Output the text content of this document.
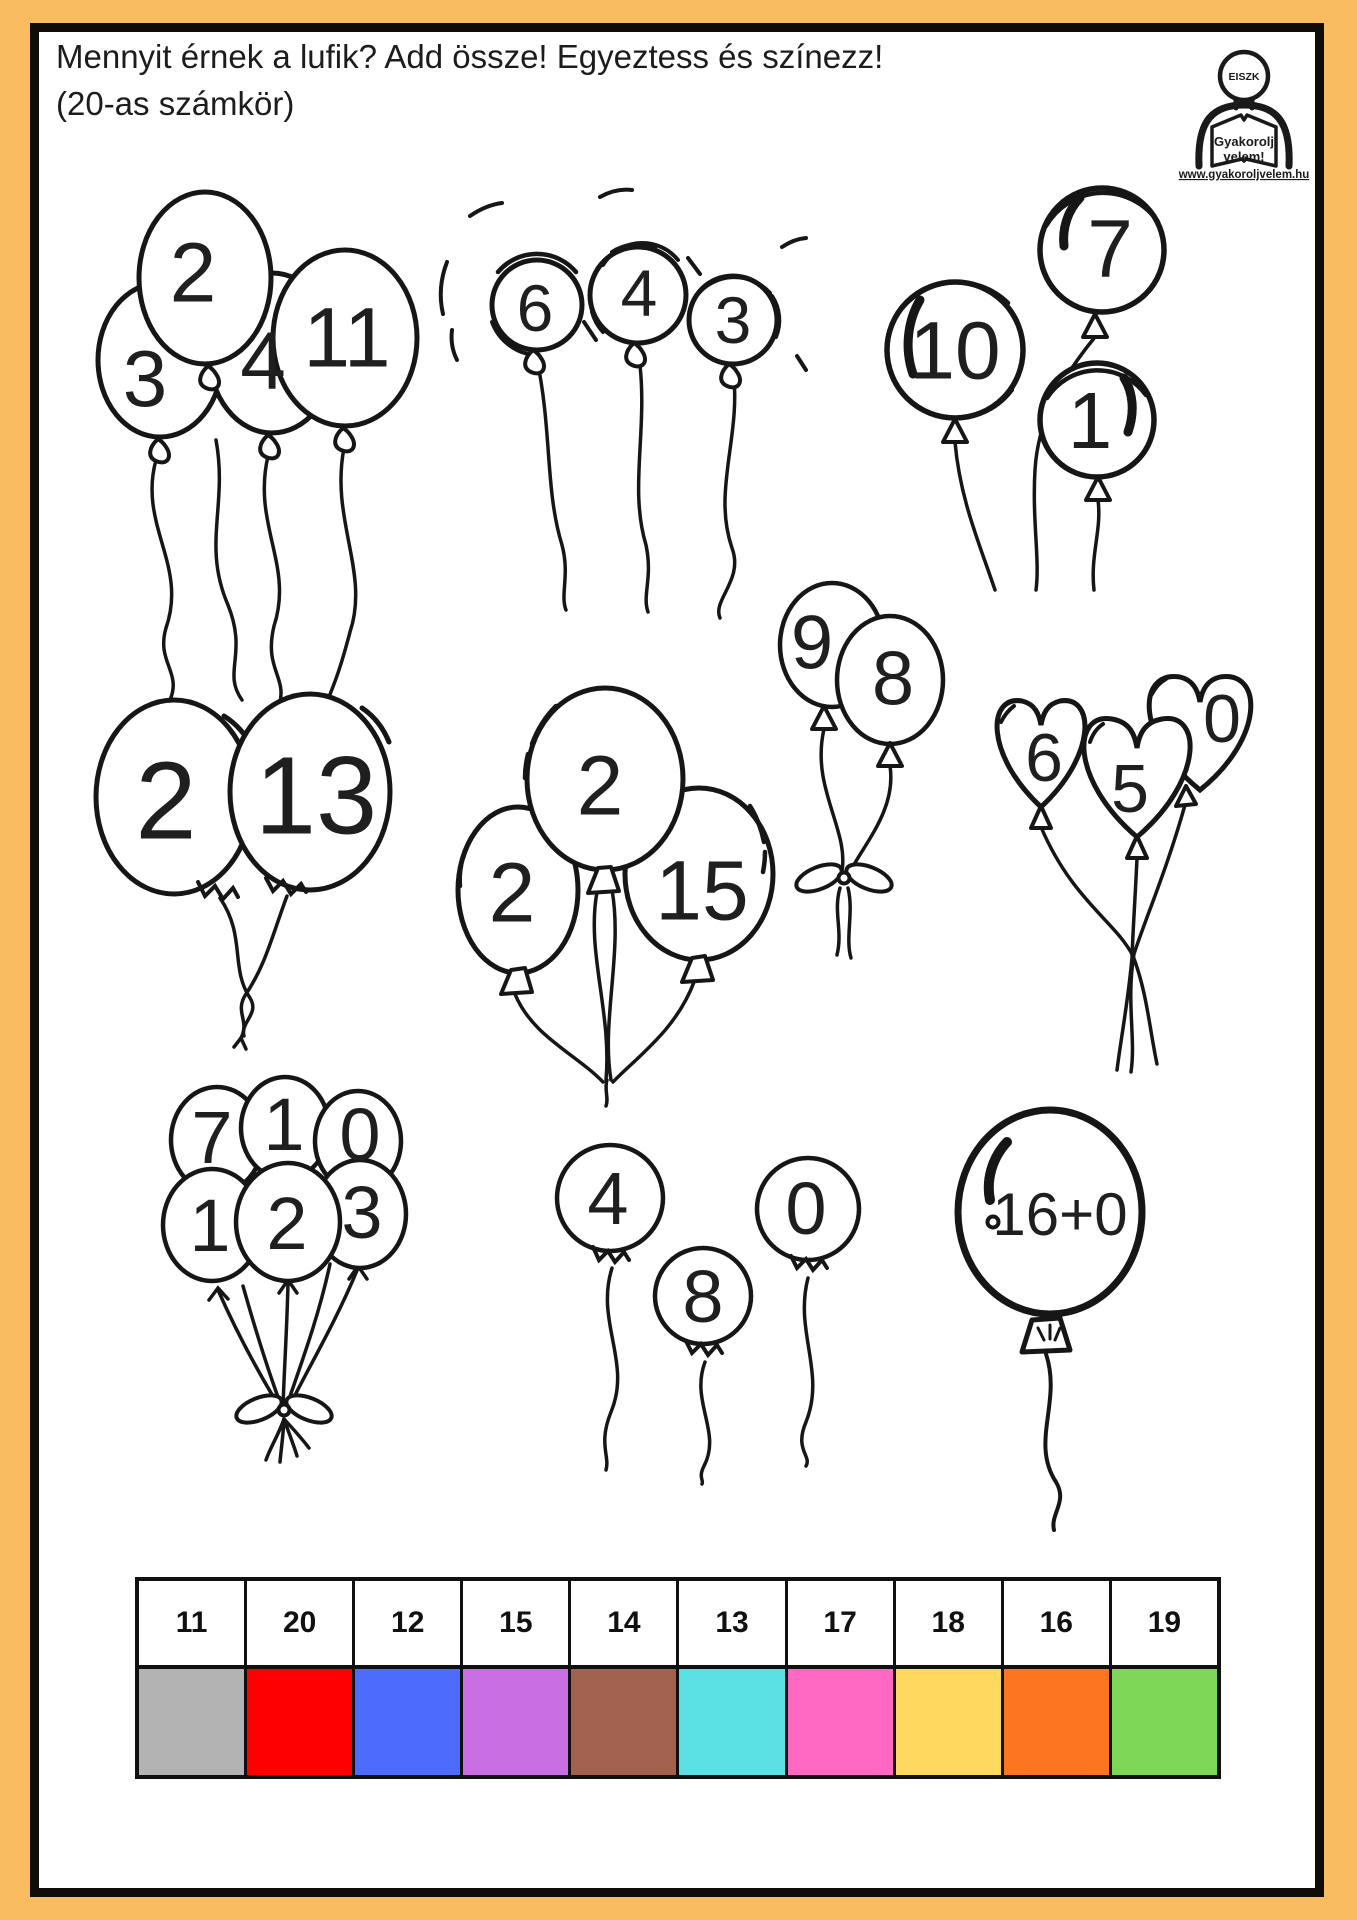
Mennyit érnek a lufik? Add össze! Egyeztess és színezz!
(20-as számkör)
EISZK
Gyakorolj
velem!
www.gyakoroljvelem.hu
2
3 4 11 6 4 3 10
7
1
9 8
2 13 2
2 15
6 5
0
7 1 0
1 2 3	4
8
0	16+0
11	20	12	15	14	13	17	18	16	19
